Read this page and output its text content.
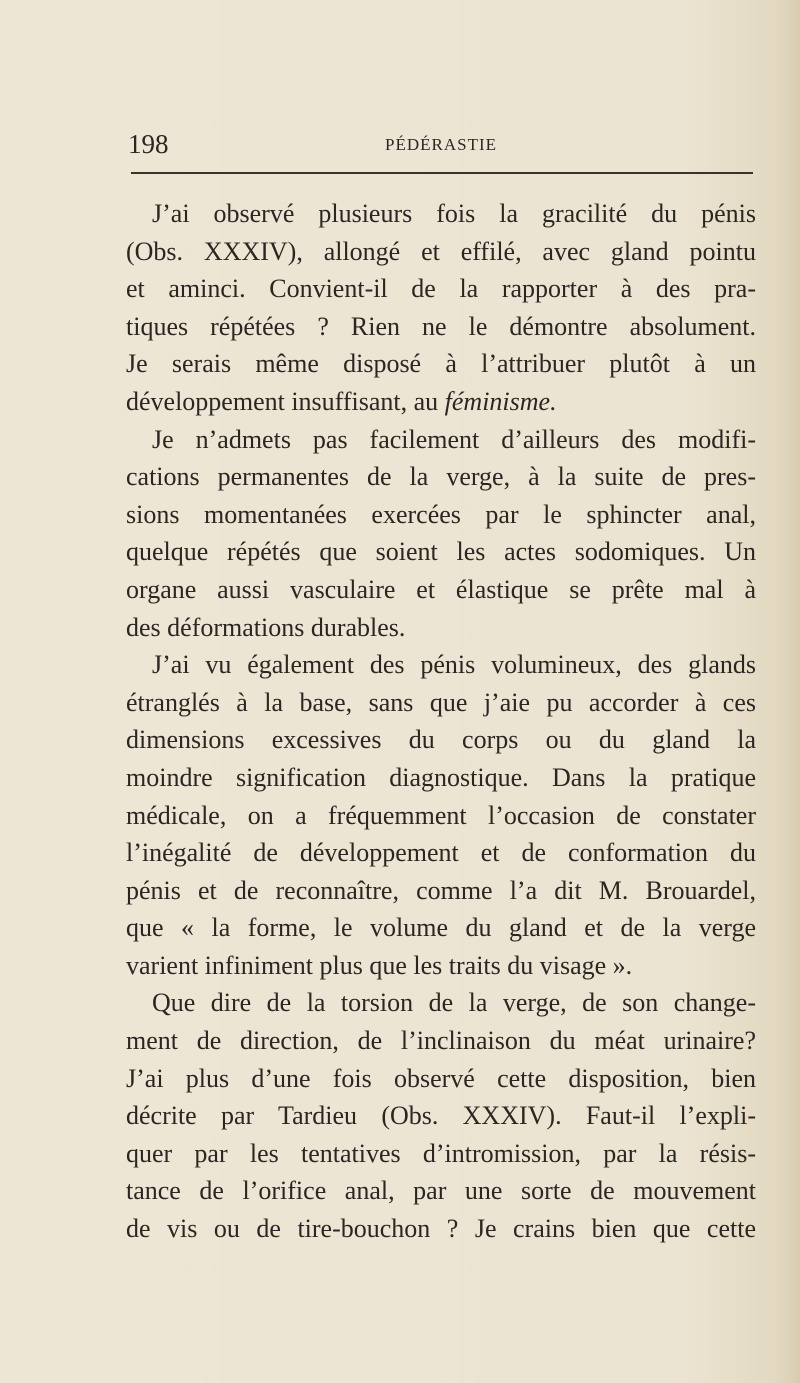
198	PÉDÉRASTIE
J’ai observé plusieurs fois la gracilité du pénis
(Obs. XXXIV), allongé et effilé, avec gland pointu
et aminci. Convient-il de la rapporter à des pra-
tiques répétées ? Rien ne le démontre absolument.
Je serais même disposé à l’attribuer plutôt à un
développement insuffisant, au féminisme.
Je n’admets pas facilement d’ailleurs des modifi-
cations permanentes de la verge, à la suite de pres-
sions momentanées exercées par le sphincter anal,
quelque répétés que soient les actes sodomiques. Un
organe aussi vasculaire et élastique se prête mal à
des déformations durables.
J’ai vu également des pénis volumineux, des glands
étranglés à la base, sans que j’aie pu accorder à ces
dimensions excessives du corps ou du gland la
moindre signification diagnostique. Dans la pratique
médicale, on a fréquemment l’occasion de constater
l’inégalité de développement et de conformation du
pénis et de reconnaître, comme l’a dit M. Brouardel,
que « la forme, le volume du gland et de la verge
varient infiniment plus que les traits du visage ».
Que dire de la torsion de la verge, de son change-
ment de direction, de l’inclinaison du méat urinaire?
J’ai plus d’une fois observé cette disposition, bien
décrite par Tardieu (Obs. XXXIV). Faut-il l’expli-
quer par les tentatives d’intromission, par la résis-
tance de l’orifice anal, par une sorte de mouvement
de vis ou de tire-bouchon ? Je crains bien que cette
